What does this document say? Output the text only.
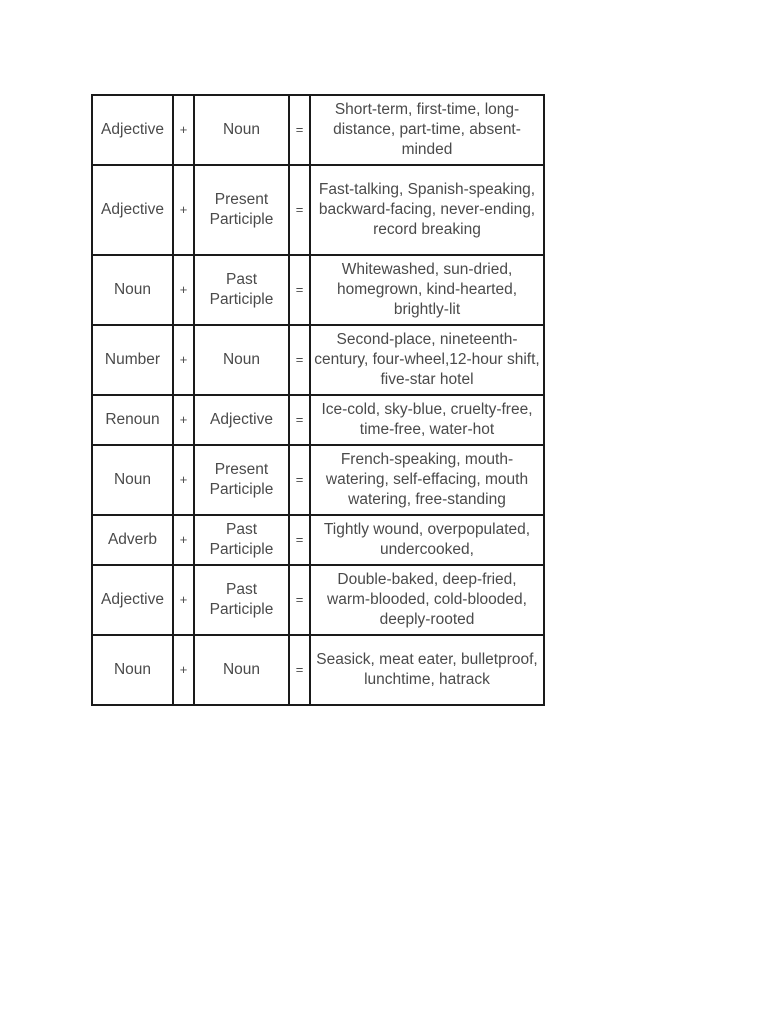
Adjective	+	Noun	=	Short-term, first-time, long-distance, part-time, absent-minded
Adjective	+	Present Participle	=	Fast-talking, Spanish-speaking, backward-facing, never-ending, record breaking
Noun	+	Past Participle	=	Whitewashed, sun-dried, homegrown, kind-hearted, brightly-lit
Number	+	Noun	=	Second-place, nineteenth-century, four-wheel,12-hour shift, five-star hotel
Renoun	+	Adjective	=	Ice-cold, sky-blue, cruelty-free, time-free, water-hot
Noun	+	Present Participle	=	French-speaking, mouth-watering, self-effacing, mouth watering, free-standing
Adverb	+	Past Participle	=	Tightly wound, overpopulated, undercooked,
Adjective	+	Past Participle	=	Double-baked, deep-fried, warm-blooded, cold-blooded, deeply-rooted
Noun	+	Noun	=	Seasick, meat eater, bulletproof, lunchtime, hatrack
